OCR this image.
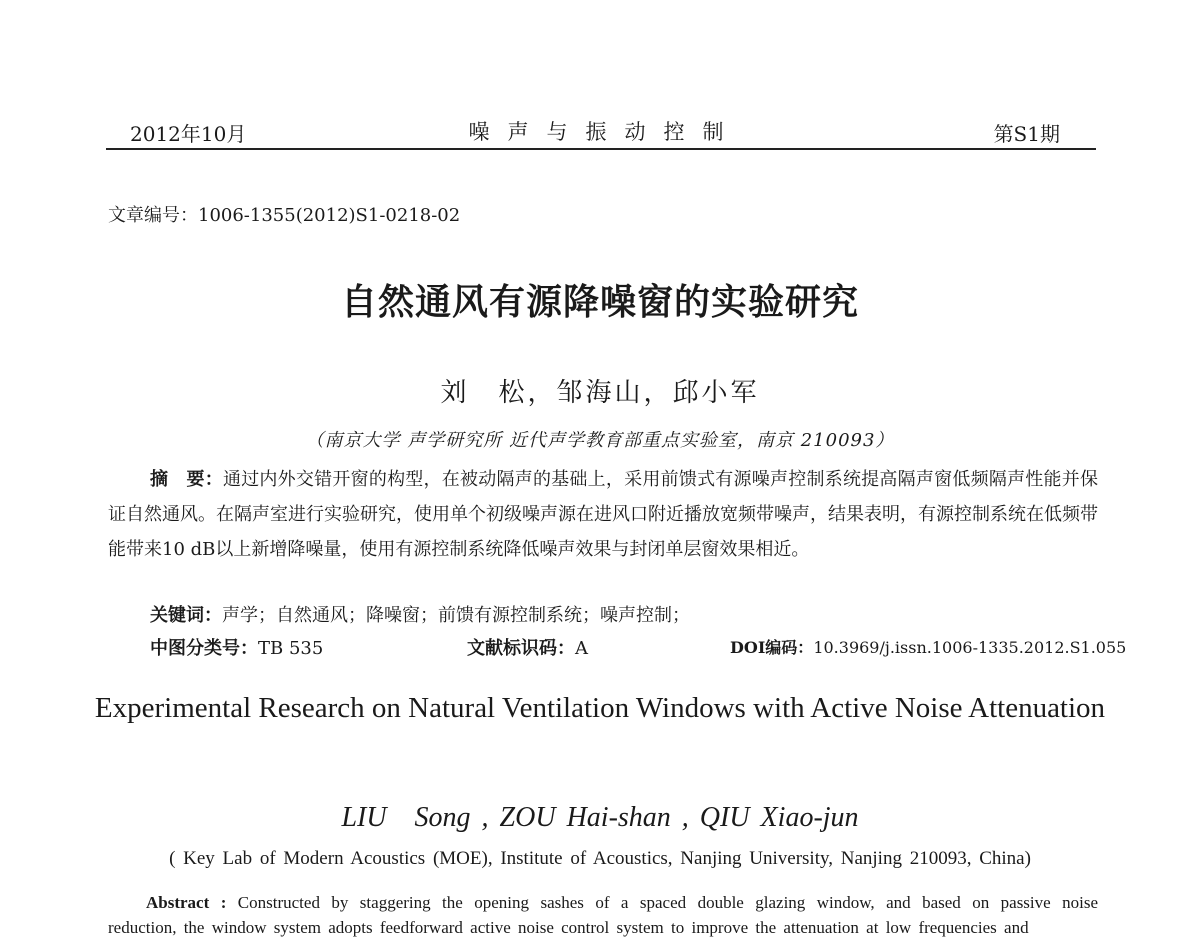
2012年10月	噪声与振动控制	第S1期
文章编号：1006-1355(2012)S1-0218-02
自然通风有源降噪窗的实验研究
刘　松，邹海山，邱小军
（南京大学 声学研究所 近代声学教育部重点实验室，南京 210093）
摘　要：通过内外交错开窗的构型，在被动隔声的基础上，采用前馈式有源噪声控制系统提高隔声窗低频隔声性能并保证自然通风。在隔声室进行实验研究，使用单个初级噪声源在进风口附近播放宽频带噪声，结果表明，有源控制系统在低频带能带来10 dB以上新增降噪量，使用有源控制系统降低噪声效果与封闭单层窗效果相近。
关键词：声学；自然通风；降噪窗；前馈有源控制系统；噪声控制；
中图分类号：TB 535	文献标识码：A	DOI编码：10.3969/j.issn.1006-1335.2012.S1.055
Experimental Research on Natural Ventilation Windows with Active Noise Attenuation
LIU　Song , ZOU Hai-shan , QIU Xiao-jun
( Key Lab of Modern Acoustics (MOE), Institute of Acoustics, Nanjing University, Nanjing 210093, China)
Abstract : Constructed by staggering the opening sashes of a spaced double glazing window, and based on passive noise reduction, the window system adopts feedforward active noise control system to improve the attenuation at low frequencies and
